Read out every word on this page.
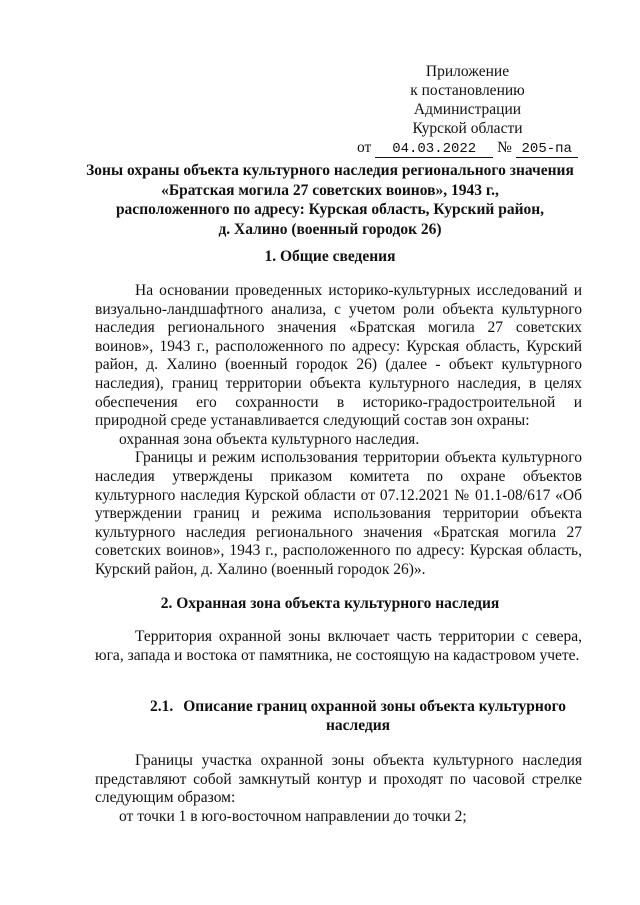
Приложение
к постановлению Администрации
Курской области
от 04.03.2022 № 205-па
Зоны охраны объекта культурного наследия регионального значения
«Братская могила 27 советских воинов», 1943 г.,
расположенного по адресу: Курская область, Курский район,
д. Халино (военный городок 26)
1. Общие сведения

На основании проведенных историко-культурных исследований и визуально-ландшафтного анализа, с учетом роли объекта культурного наследия регионального значения «Братская могила 27 советских воинов», 1943 г., расположенного по адресу: Курская область, Курский район, д. Халино (военный городок 26) (далее - объект культурного наследия), границ территории объекта культурного наследия, в целях обеспечения его сохранности в историко-градостроительной и природной среде устанавливается следующий состав зон охраны:

охранная зона объекта культурного наследия.

Границы и режим использования территории объекта культурного наследия утверждены приказом комитета по охране объектов культурного наследия Курской области от 07.12.2021 № 01.1-08/617 «Об утверждении границ и режима использования территории объекта культурного наследия регионального значения «Братская могила 27 советских воинов», 1943 г., расположенного по адресу: Курская область, Курский район, д. Халино (военный городок 26)».

2. Охранная зона объекта культурного наследия

Территория охранной зоны включает часть территории с севера, юга, запада и востока от памятника, не состоящую на кадастровом учете.

2.1. Описание границ охранной зоны объекта культурного наследия

Границы участка охранной зоны объекта культурного наследия представляют собой замкнутый контур и проходят по часовой стрелке следующим образом:

от точки 1 в юго-восточном направлении до точки 2;
